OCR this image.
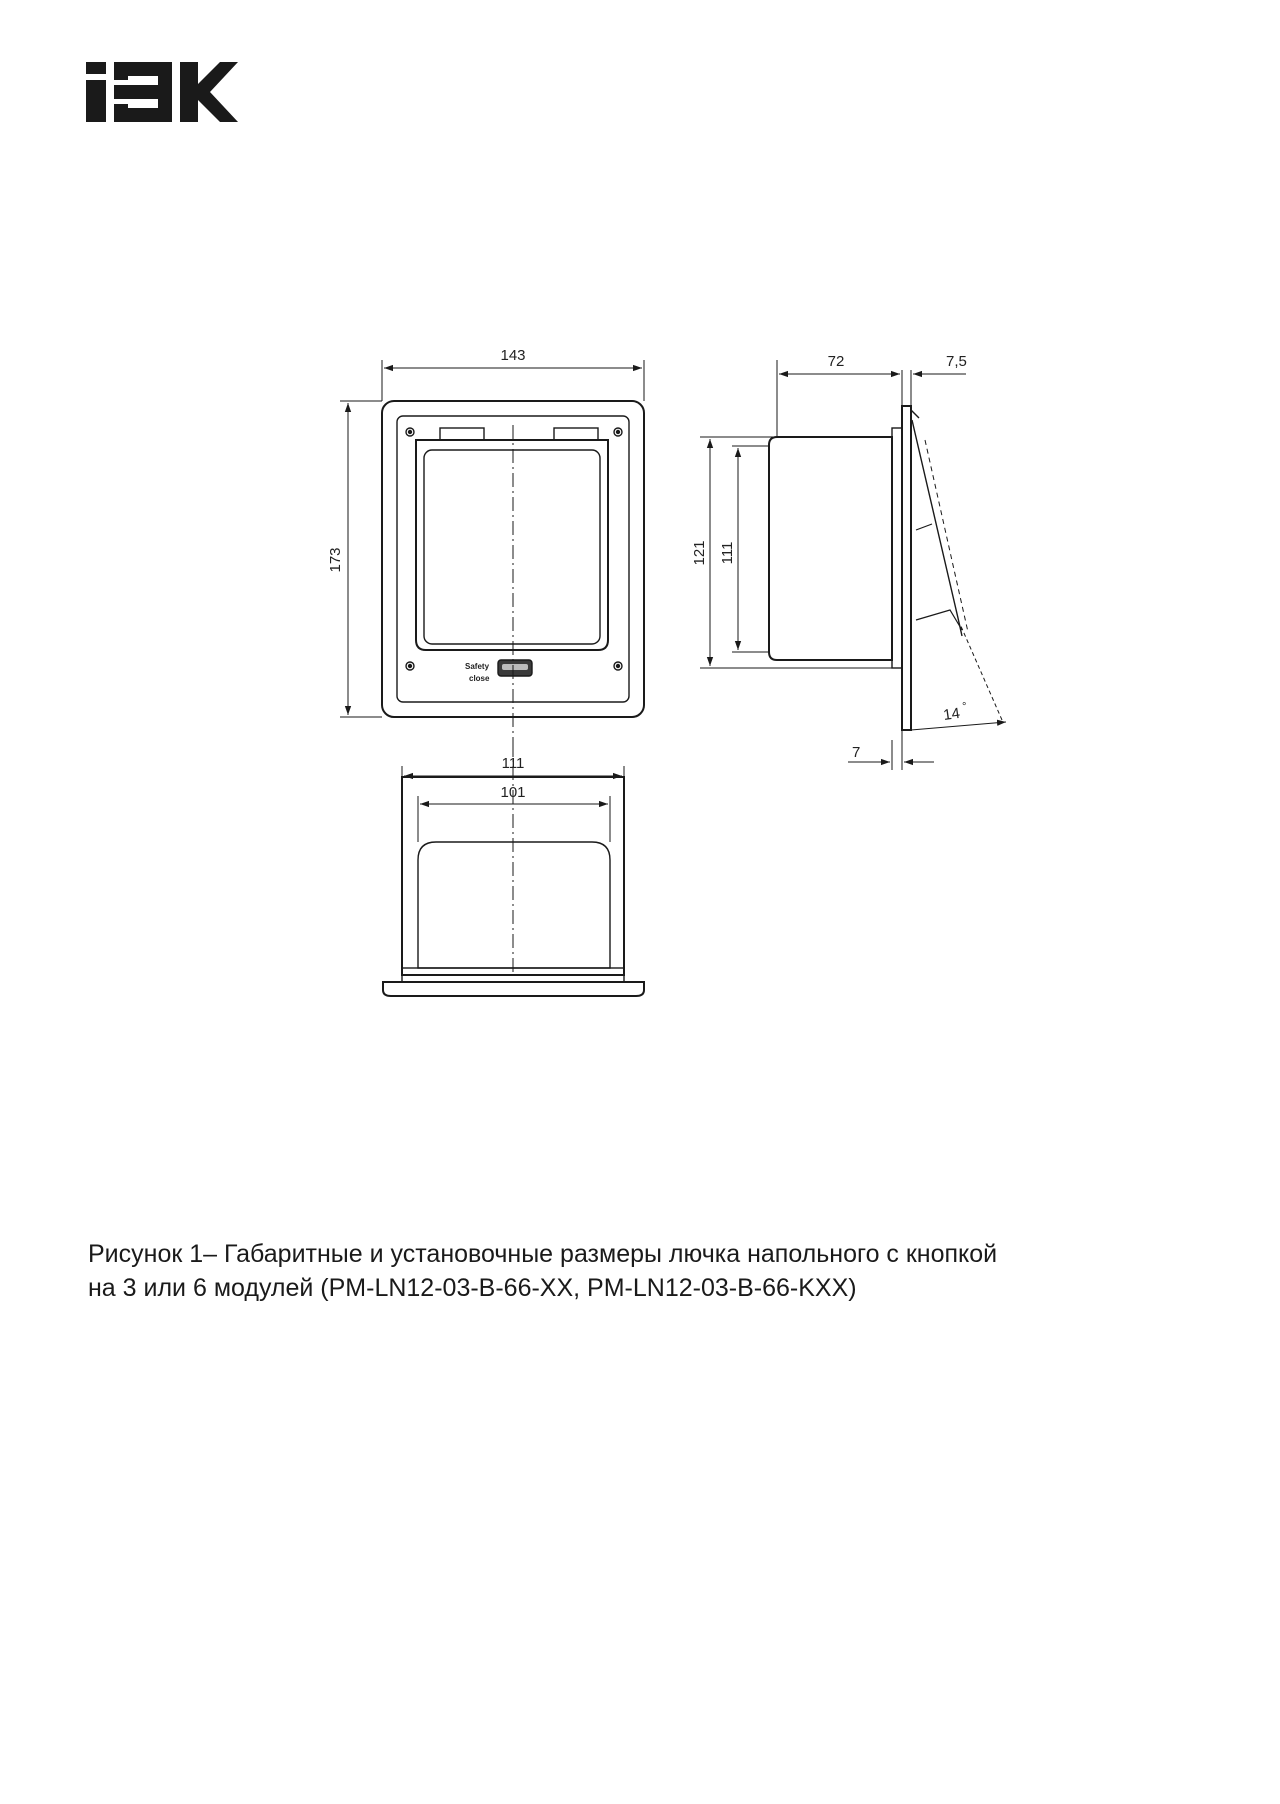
143
173
Safety
close
72	7,5
121 111
14 °
7
111
101
Рисунок 1– Габаритные и установочные размеры лючка напольного с кнопкой
на 3 или 6 модулей (PM-LN12-03-B-66-XX, PM-LN12-03-B-66-KXX)
